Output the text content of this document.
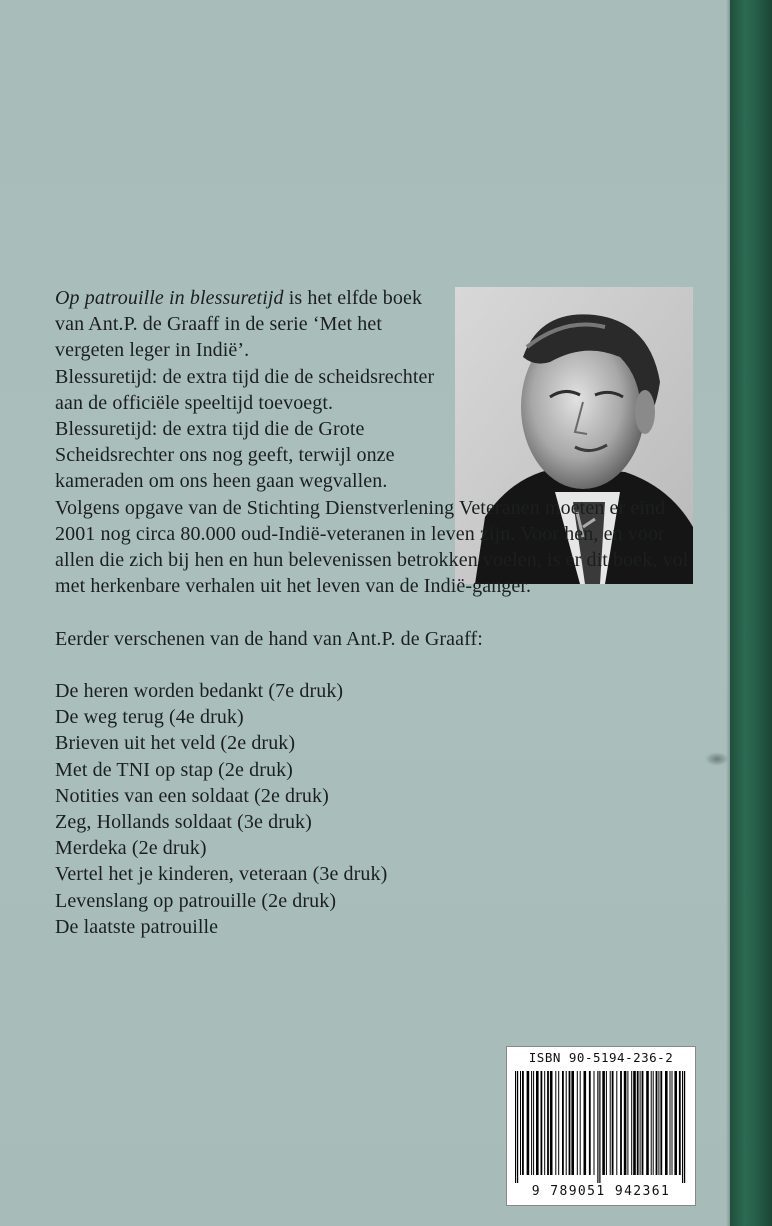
Op patrouille in blessuretijd is het elfde boek van Ant.P. de Graaff in de serie ‘Met het vergeten leger in Indië’.

Blessuretijd: de extra tijd die de scheidsrechter aan de officiële speeltijd toevoegt.

Blessuretijd: de extra tijd die de Grote Scheidsrechter ons nog geeft, terwijl onze kameraden om ons heen gaan wegvallen.

Volgens opgave van de Stichting Dienstverlening Veteranen moeten er eind 2001 nog circa 80.000 oud-Indië-veteranen in leven zijn. Voor hen, en voor allen die zich bij hen en hun belevenissen betrokken voelen, is er dit boek, vol met herkenbare verhalen uit het leven van de Indië-ganger.

Eerder verschenen van de hand van Ant.P. de Graaff:

De heren worden bedankt (7e druk)
De weg terug (4e druk)
Brieven uit het veld (2e druk)
Met de TNI op stap (2e druk)
Notities van een soldaat (2e druk)
Zeg, Hollands soldaat (3e druk)
Merdeka (2e druk)
Vertel het je kinderen, veteraan (3e druk)
Levenslang op patrouille (2e druk)
De laatste patrouille
ISBN 90-5194-236-2
9 789051 942361
